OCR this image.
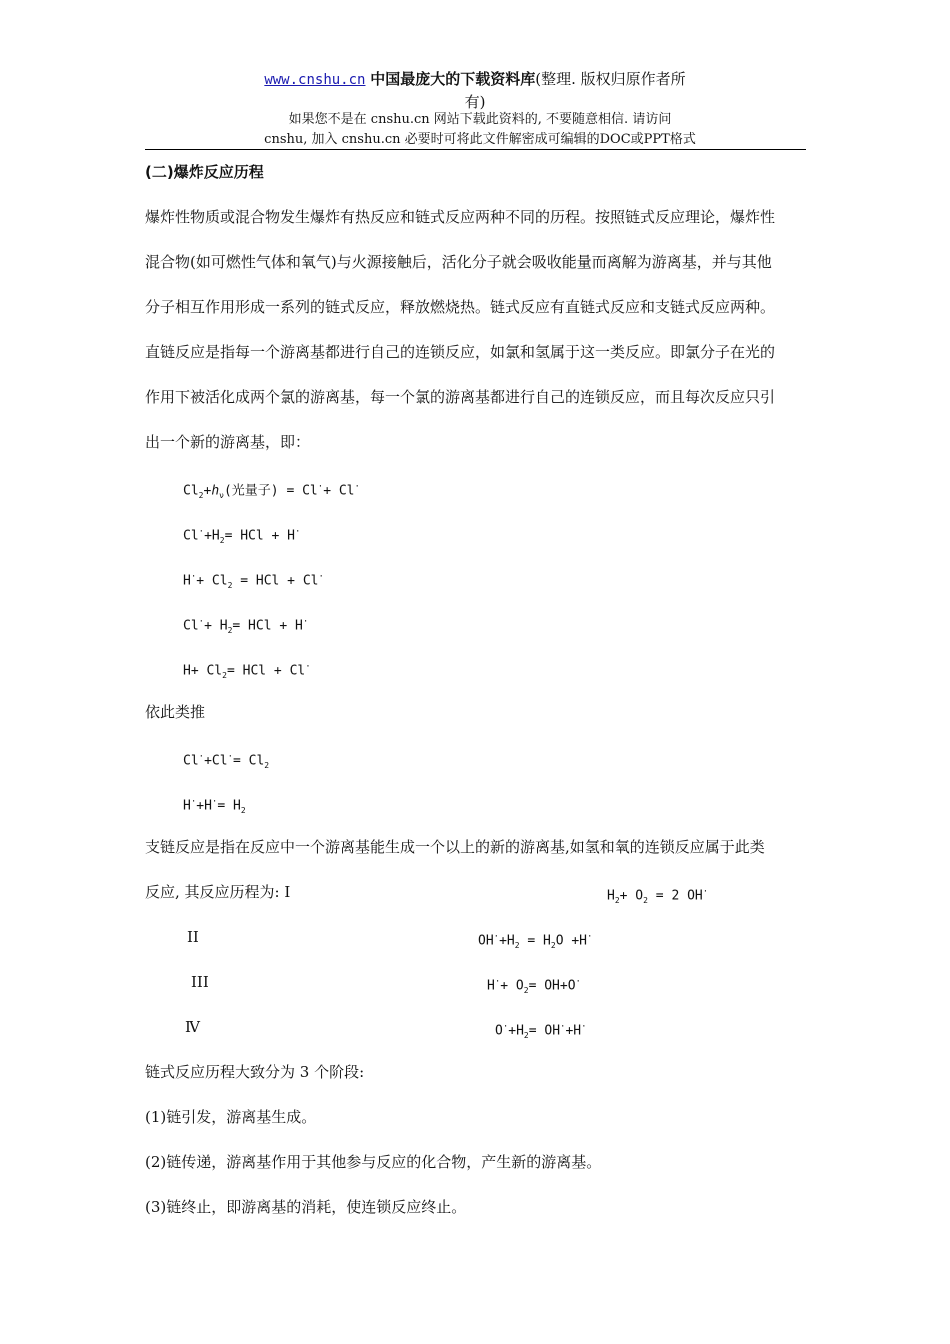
www.cnshu.cn 中国最庞大的下载资料库(整理. 版权归原作者所
有)
如果您不是在 cnshu.cn 网站下载此资料的, 不要随意相信. 请访问
cnshu, 加入 cnshu.cn 必要时可将此文件解密成可编辑的DOC或PPT格式
(二)爆炸反应历程
爆炸性物质或混合物发生爆炸有热反应和链式反应两种不同的历程。按照链式反应理论，爆炸性
混合物(如可燃性气体和氧气)与火源接触后，活化分子就会吸收能量而离解为游离基，并与其他
分子相互作用形成一系列的链式反应，释放燃烧热。链式反应有直链式反应和支链式反应两种。
直链反应是指每一个游离基都进行自己的连锁反应，如氯和氢属于这一类反应。即氯分子在光的
作用下被活化成两个氯的游离基，每一个氯的游离基都进行自己的连锁反应，而且每次反应只引
出一个新的游离基，即：
$Cl_2+h_\nu$(光量子) = Cl·+ Cl·
$Cl^\cdot+H_2=$ HCl + H·
$H^\cdot+ Cl_2$ = HCl + Cl·
$Cl^\cdot+ H_2=$ HCl + H·
$H+ Cl_2=$ HCl + Cl·
依此类推
$Cl^\cdot+Cl^\cdot= Cl_2$
$H^\cdot+H^\cdot= H_2$
支链反应是指在反应中一个游离基能生成一个以上的新的游离基,如氢和氧的连锁反应属于此类
反应, 其反应历程为: I	$H_2+ O_2 = 2$ OH·
II	$OH^\cdot+H_2 = H_2O +H^\cdot$
III	$H^\cdot+ O_2= OH+O^\cdot$
Ⅳ	$O^\cdot+H_2= OH^\cdot+H^\cdot$
链式反应历程大致分为 3 个阶段:
(1)链引发，游离基生成。
(2)链传递，游离基作用于其他参与反应的化合物，产生新的游离基。
(3)链终止，即游离基的消耗，使连锁反应终止。
